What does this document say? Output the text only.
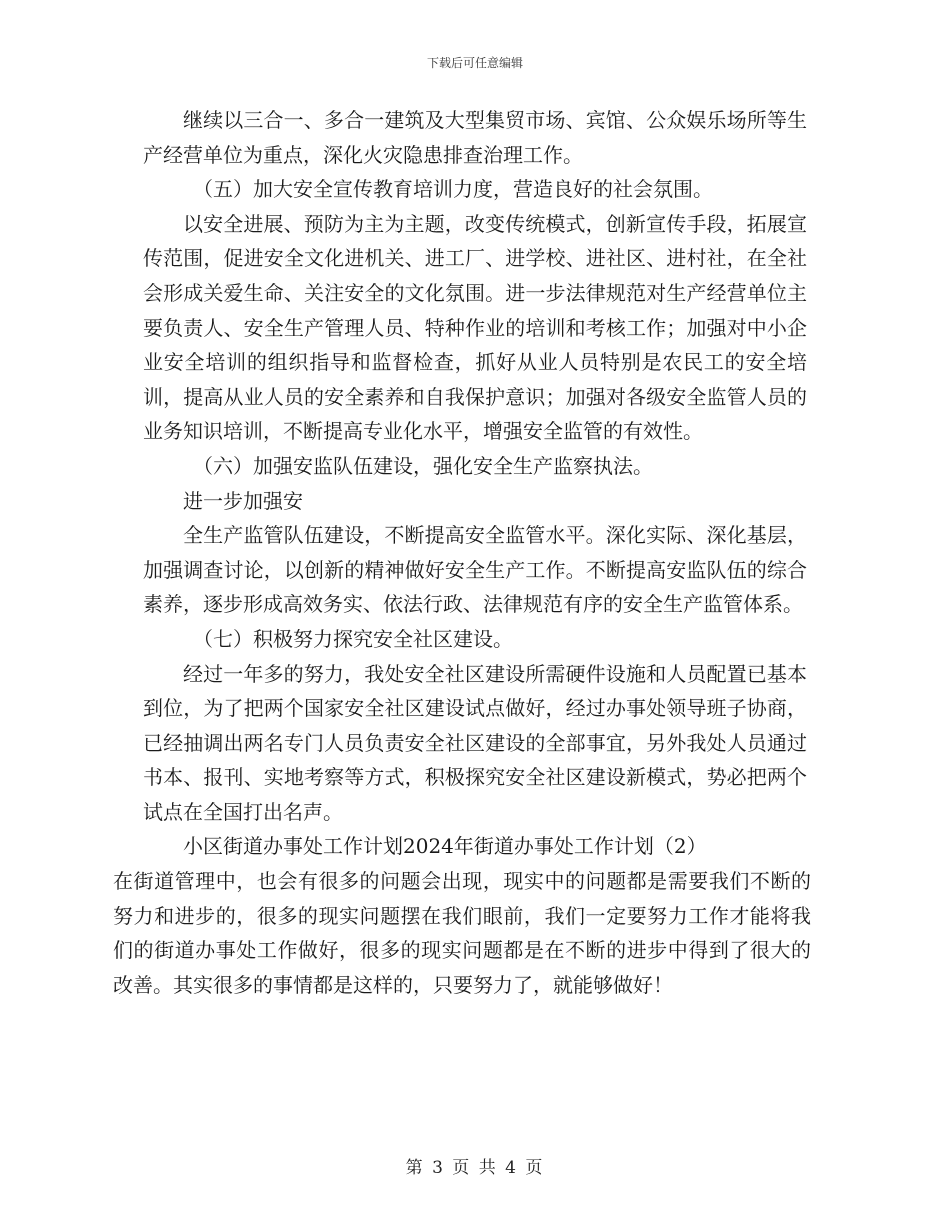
下载后可任意编辑

继续以三合一、多合一建筑及大型集贸市场、宾馆、公众娱乐场所等生产经营单位为重点，深化火灾隐患排查治理工作。

（五）加大安全宣传教育培训力度，营造良好的社会氛围。

以安全进展、预防为主为主题，改变传统模式，创新宣传手段，拓展宣传范围，促进安全文化进机关、进工厂、进学校、进社区、进村社，在全社会形成关爱生命、关注安全的文化氛围。进一步法律规范对生产经营单位主要负责人、安全生产管理人员、特种作业的培训和考核工作；加强对中小企业安全培训的组织指导和监督检查，抓好从业人员特别是农民工的安全培训，提高从业人员的安全素养和自我保护意识；加强对各级安全监管人员的业务知识培训，不断提高专业化水平，增强安全监管的有效性。

（六）加强安监队伍建设，强化安全生产监察执法。

进一步加强安

全生产监管队伍建设，不断提高安全监管水平。深化实际、深化基层，加强调查讨论，以创新的精神做好安全生产工作。不断提高安监队伍的综合素养，逐步形成高效务实、依法行政、法律规范有序的安全生产监管体系。

（七）积极努力探究安全社区建设。

经过一年多的努力，我处安全社区建设所需硬件设施和人员配置已基本到位，为了把两个国家安全社区建设试点做好，经过办事处领导班子协商，已经抽调出两名专门人员负责安全社区建设的全部事宜，另外我处人员通过书本、报刊、实地考察等方式，积极探究安全社区建设新模式，势必把两个试点在全国打出名声。

小区街道办事处工作计划2024年街道办事处工作计划（2）

在街道管理中，也会有很多的问题会出现，现实中的问题都是需要我们不断的努力和进步的，很多的现实问题摆在我们眼前，我们一定要努力工作才能将我们的街道办事处工作做好，很多的现实问题都是在不断的进步中得到了很大的改善。其实很多的事情都是这样的，只要努力了，就能够做好！

第 3 页 共 4 页
